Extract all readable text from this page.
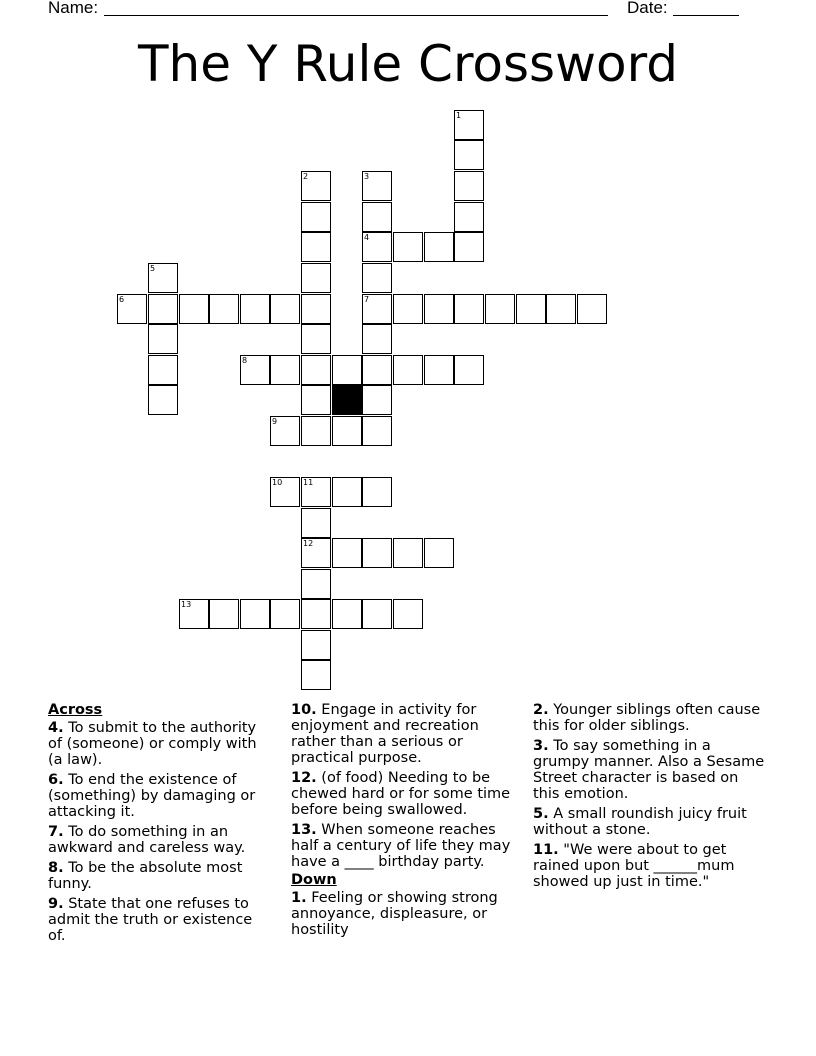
Name:	Date:
The Y Rule Crossword
1
2	3
4
5
6	7
8
9
10	11
12
13
Across
4. To submit to the authority of (someone) or comply with (a law).
6. To end the existence of (something) by damaging or attacking it.
7. To do something in an awkward and careless way.
8. To be the absolute most funny.
9. State that one refuses to admit the truth or existence of.
10. Engage in activity for enjoyment and recreation rather than a serious or practical purpose.
12. (of food) Needing to be chewed hard or for some time before being swallowed.
13. When someone reaches half a century of life they may have a ____ birthday party.
Down
1. Feeling or showing strong annoyance, displeasure, or hostility
2. Younger siblings often cause this for older siblings.
3. To say something in a grumpy manner. Also a Sesame Street character is based on this emotion.
5. A small roundish juicy fruit without a stone.
11. "We were about to get rained upon but ______mum showed up just in time."
